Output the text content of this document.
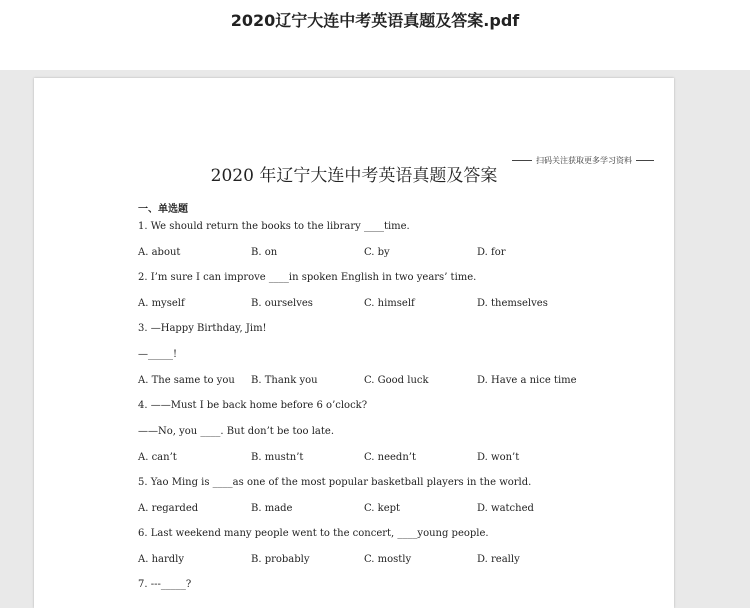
2020辽宁大连中考英语真题及答案.pdf
扫码关注获取更多学习资料
2020 年辽宁大连中考英语真题及答案
一、单选题
1. We should return the books to the library ____time.
A. about	B. on	C. by	D. for
2. I’m sure I can improve ____in spoken English in two years’ time.
A. myself	B. ourselves	C. himself	D. themselves
3. —Happy Birthday, Jim!
—_____!
A. The same to you B. Thank you	C. Good luck	D. Have a nice time
4. ——Must I be back home before 6 o’clock?
——No, you ____. But don’t be too late.
A. can’t	B. mustn’t	C. needn’t	D. won’t
5. Yao Ming is ____as one of the most popular basketball players in the world.
A. regarded	B. made	C. kept	D. watched
6. Last weekend many people went to the concert, ____young people.
A. hardly	B. probably	C. mostly	D. really
7. ---_____?
